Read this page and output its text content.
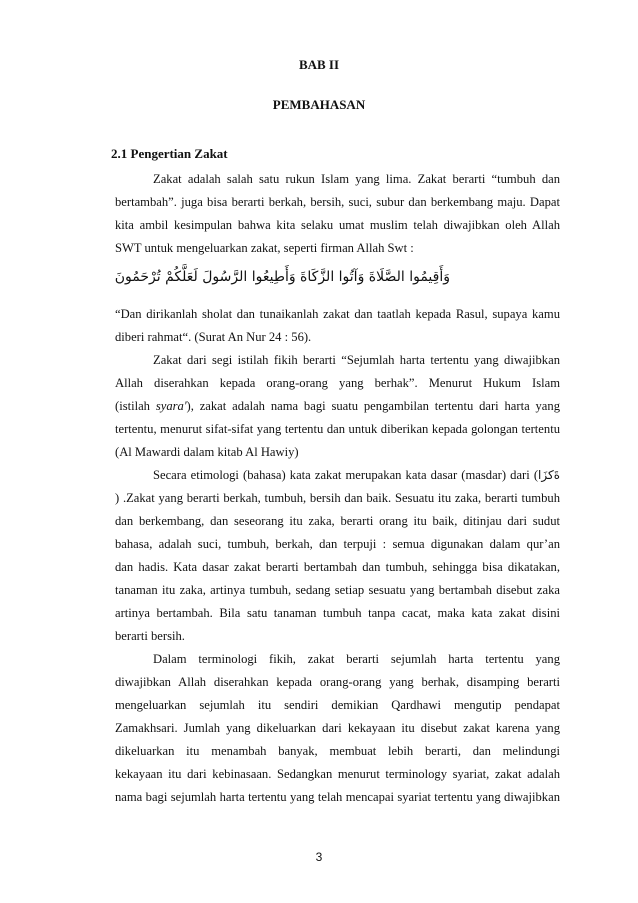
BAB II
PEMBAHASAN
2.1 Pengertian Zakat
Zakat adalah salah satu rukun Islam yang lima. Zakat berarti “tumbuh dan
bertambah”. juga bisa berarti berkah, bersih, suci, subur dan berkembang maju. Dapat
kita ambil kesimpulan bahwa kita selaku umat muslim telah diwajibkan oleh Allah
SWT untuk mengeluarkan zakat, seperti firman Allah Swt :
وَأَقِيمُوا الصَّلَاةَ وَآتُوا الزَّكَاةَ وَأَطِيعُوا الرَّسُولَ لَعَلَّكُمْ تُرْحَمُونَ
“Dan dirikanlah sholat dan tunaikanlah zakat dan taatlah kepada Rasul, supaya kamu
diberi rahmat“. (Surat An Nur 24 : 56).
Zakat dari segi istilah fikih berarti “Sejumlah harta tertentu yang diwajibkan
Allah diserahkan kepada orang-orang yang berhak”. Menurut Hukum Islam
(istilah syara'), zakat adalah nama bagi suatu pengambilan tertentu dari harta yang
tertentu, menurut sifat-sifat yang tertentu dan untuk diberikan kepada golongan tertentu
(Al Mawardi dalam kitab Al Hawiy)
Secara etimologi (bahasa) kata zakat merupakan kata dasar (masdar) dari (ةَكزَا
) .Zakat yang berarti berkah, tumbuh, bersih dan baik. Sesuatu itu zaka, berarti tumbuh
dan berkembang, dan seseorang itu zaka, berarti orang itu baik, ditinjau dari sudut
bahasa, adalah suci, tumbuh, berkah, dan terpuji : semua digunakan dalam qur’an
dan hadis. Kata dasar zakat berarti bertambah dan tumbuh, sehingga bisa dikatakan,
tanaman itu zaka, artinya tumbuh, sedang setiap sesuatu yang bertambah disebut zaka
artinya bertambah. Bila satu tanaman tumbuh tanpa cacat, maka kata zakat disini
berarti bersih.
Dalam terminologi fikih, zakat berarti sejumlah harta tertentu yang
diwajibkan Allah diserahkan kepada orang-orang yang berhak, disamping berarti
mengeluarkan sejumlah itu sendiri demikian Qardhawi mengutip pendapat
Zamakhsari. Jumlah yang dikeluarkan dari kekayaan itu disebut zakat karena yang
dikeluarkan itu menambah banyak, membuat lebih berarti, dan melindungi
kekayaan itu dari kebinasaan. Sedangkan menurut terminology syariat, zakat adalah
nama bagi sejumlah harta tertentu yang telah mencapai syariat tertentu yang diwajibkan
3
